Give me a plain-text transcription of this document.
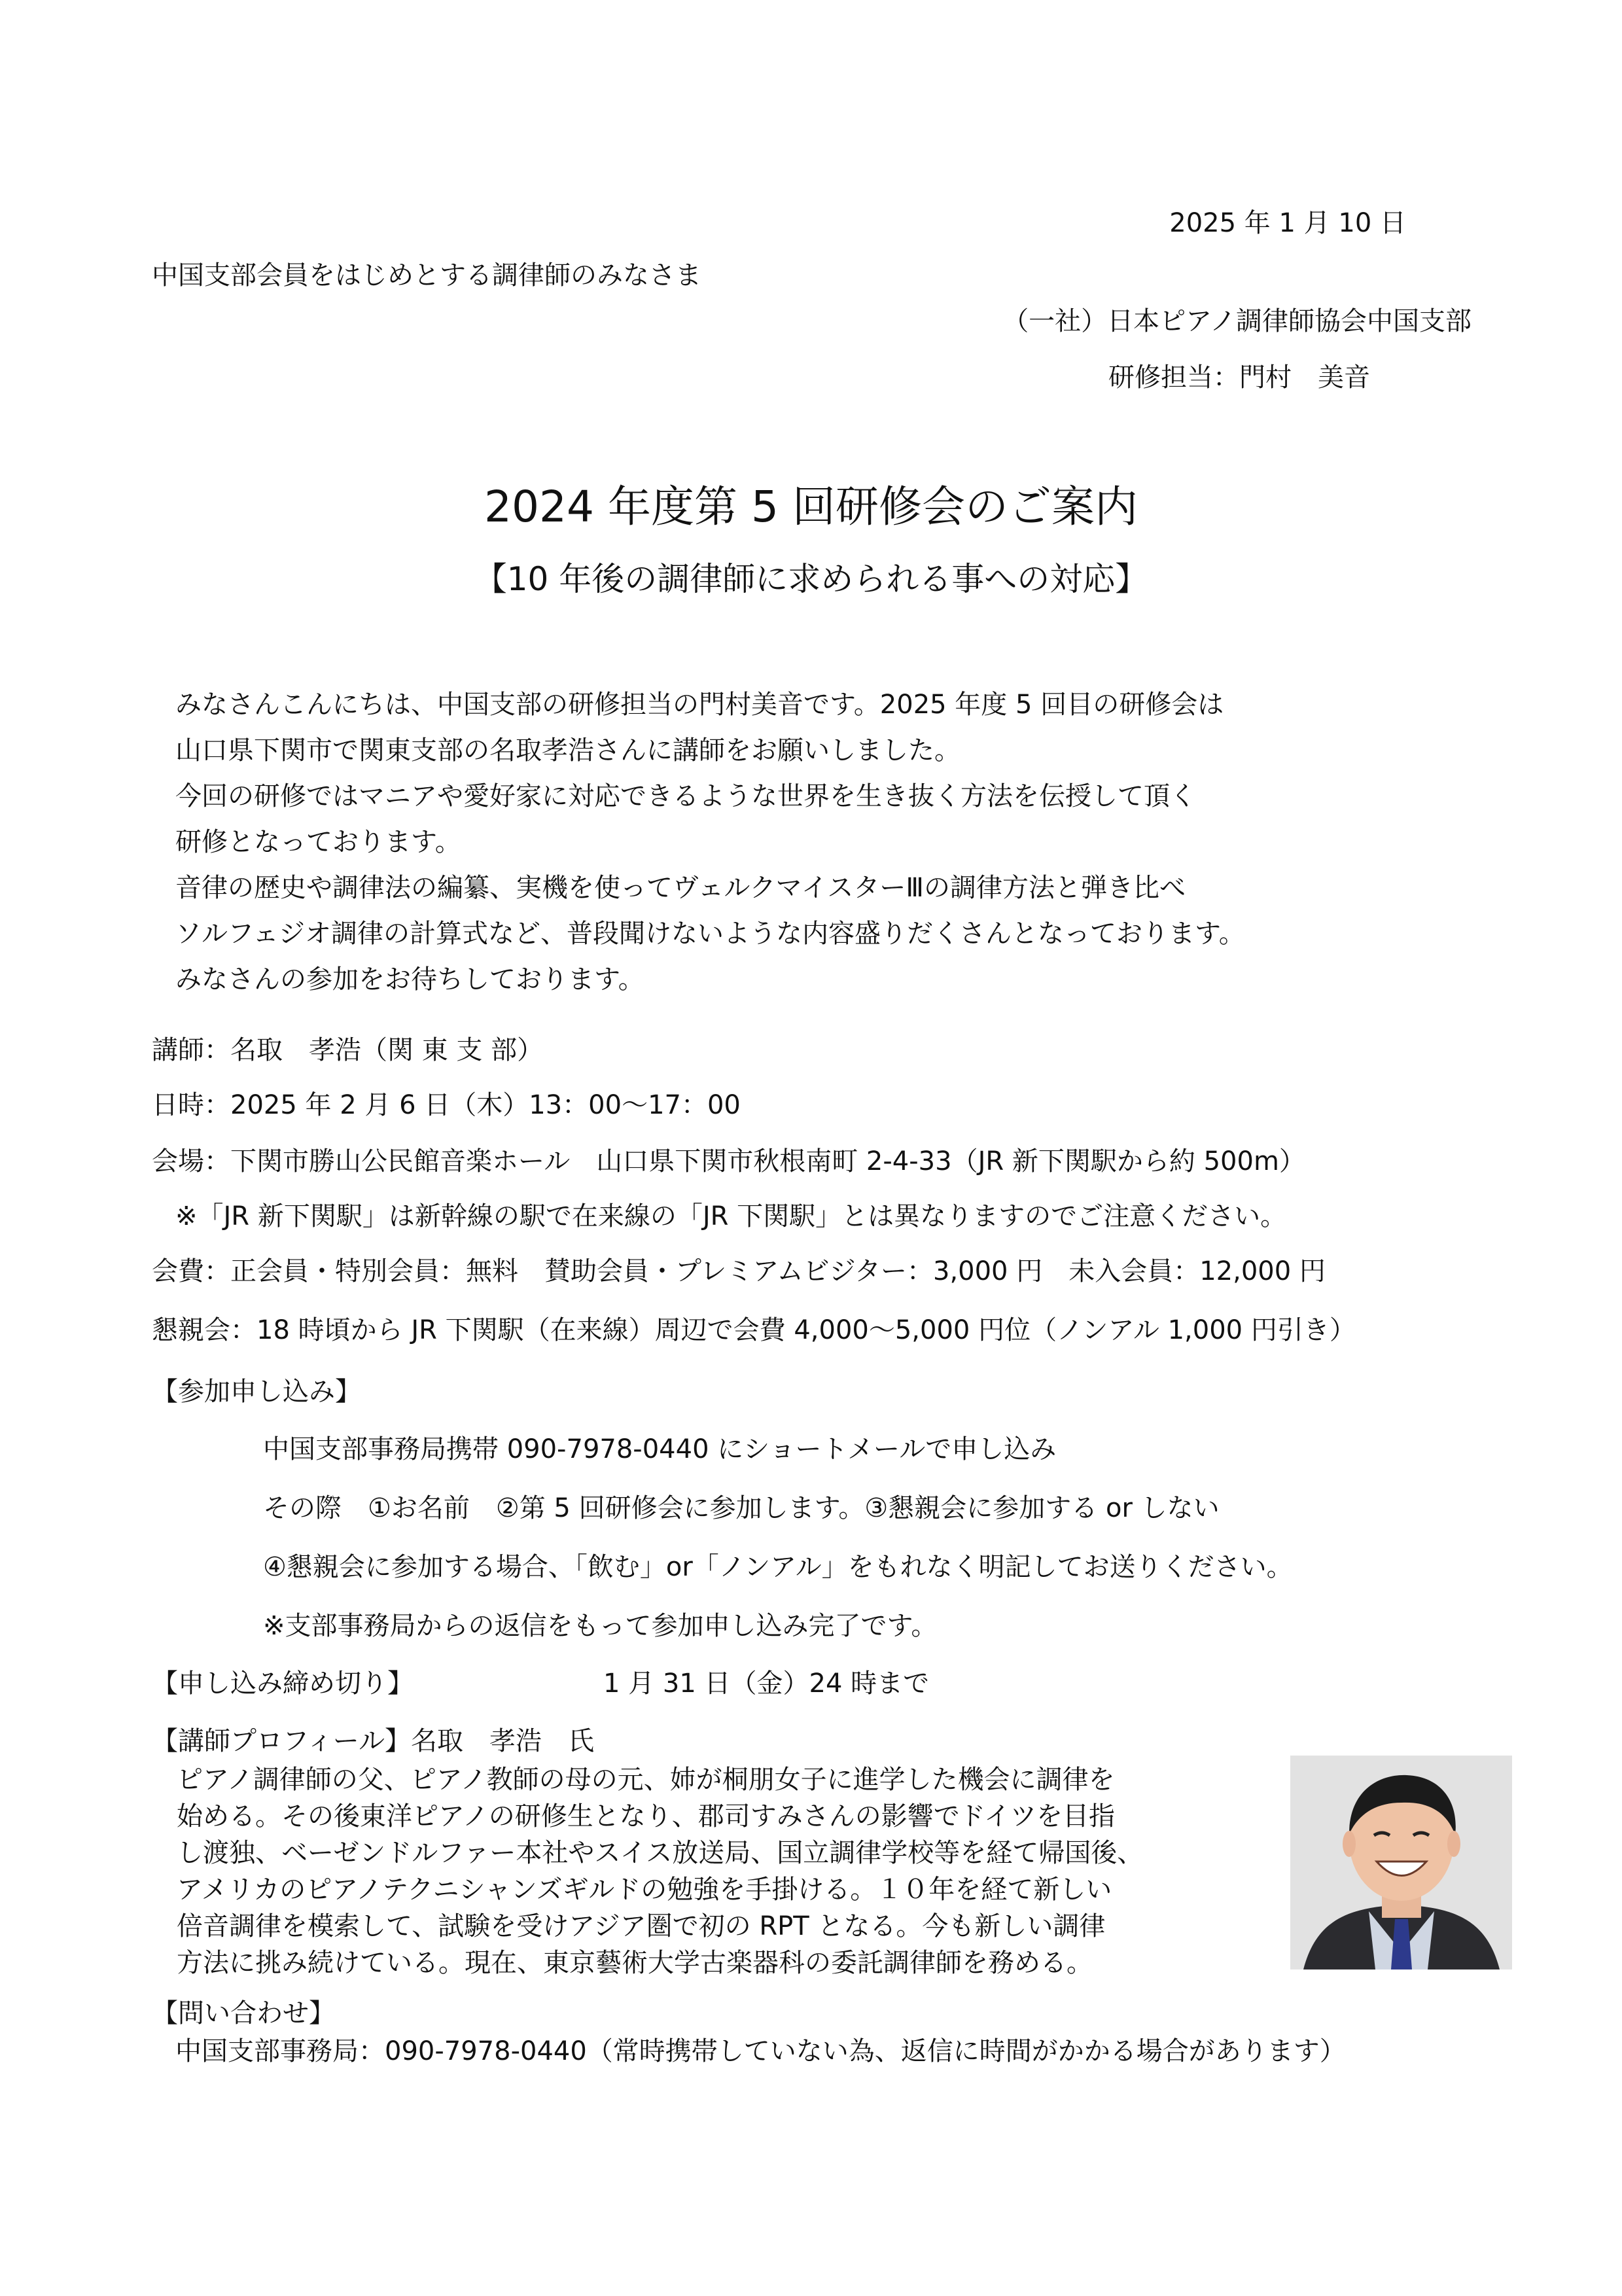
2025 年 1 月 10 日
中国支部会員をはじめとする調律師のみなさま
（一社）日本ピアノ調律師協会中国支部
研修担当：門村　美音
2024 年度第 5 回研修会のご案内
【10 年後の調律師に求められる事への対応】
みなさんこんにちは、中国支部の研修担当の門村美音です。2025 年度 5 回目の研修会は
山口県下関市で関東支部の名取孝浩さんに講師をお願いしました。
今回の研修ではマニアや愛好家に対応できるような世界を生き抜く方法を伝授して頂く
研修となっております。
音律の歴史や調律法の編纂、実機を使ってヴェルクマイスターⅢの調律方法と弾き比べ
ソルフェジオ調律の計算式など、普段聞けないような内容盛りだくさんとなっております。
みなさんの参加をお待ちしております。
講師：名取　孝浩（関 東 支 部）
日時：2025 年 2 月 6 日（木）13：00～17：00
会場：下関市勝山公民館音楽ホール　山口県下関市秋根南町 2-4-33（JR 新下関駅から約 500m）
※「JR 新下関駅」は新幹線の駅で在来線の「JR 下関駅」とは異なりますのでご注意ください。
会費：正会員・特別会員：無料　賛助会員・プレミアムビジター：3,000 円　未入会員：12,000 円
懇親会：18 時頃から JR 下関駅（在来線）周辺で会費 4,000～5,000 円位（ノンアル 1,000 円引き）
【参加申し込み】
中国支部事務局携帯 090-7978-0440 にショートメールで申し込み
その際　①お名前　②第 5 回研修会に参加します。③懇親会に参加する or しない
④懇親会に参加する場合、「飲む」or「ノンアル」をもれなく明記してお送りください。
※支部事務局からの返信をもって参加申し込み完了です。
【申し込み締め切り】	1 月 31 日（金）24 時まで
【講師プロフィール】名取　孝浩　氏
ピアノ調律師の父、ピアノ教師の母の元、姉が桐朋女子に進学した機会に調律を
始める。その後東洋ピアノの研修生となり、郡司すみさんの影響でドイツを目指
し渡独、ベーゼンドルファー本社やスイス放送局、国立調律学校等を経て帰国後、
アメリカのピアノテクニシャンズギルドの勉強を手掛ける。１０年を経て新しい
倍音調律を模索して、試験を受けアジア圏で初の RPT となる。今も新しい調律
方法に挑み続けている。現在、東京藝術大学古楽器科の委託調律師を務める。
【問い合わせ】
中国支部事務局：090-7978-0440（常時携帯していない為、返信に時間がかかる場合があります）
